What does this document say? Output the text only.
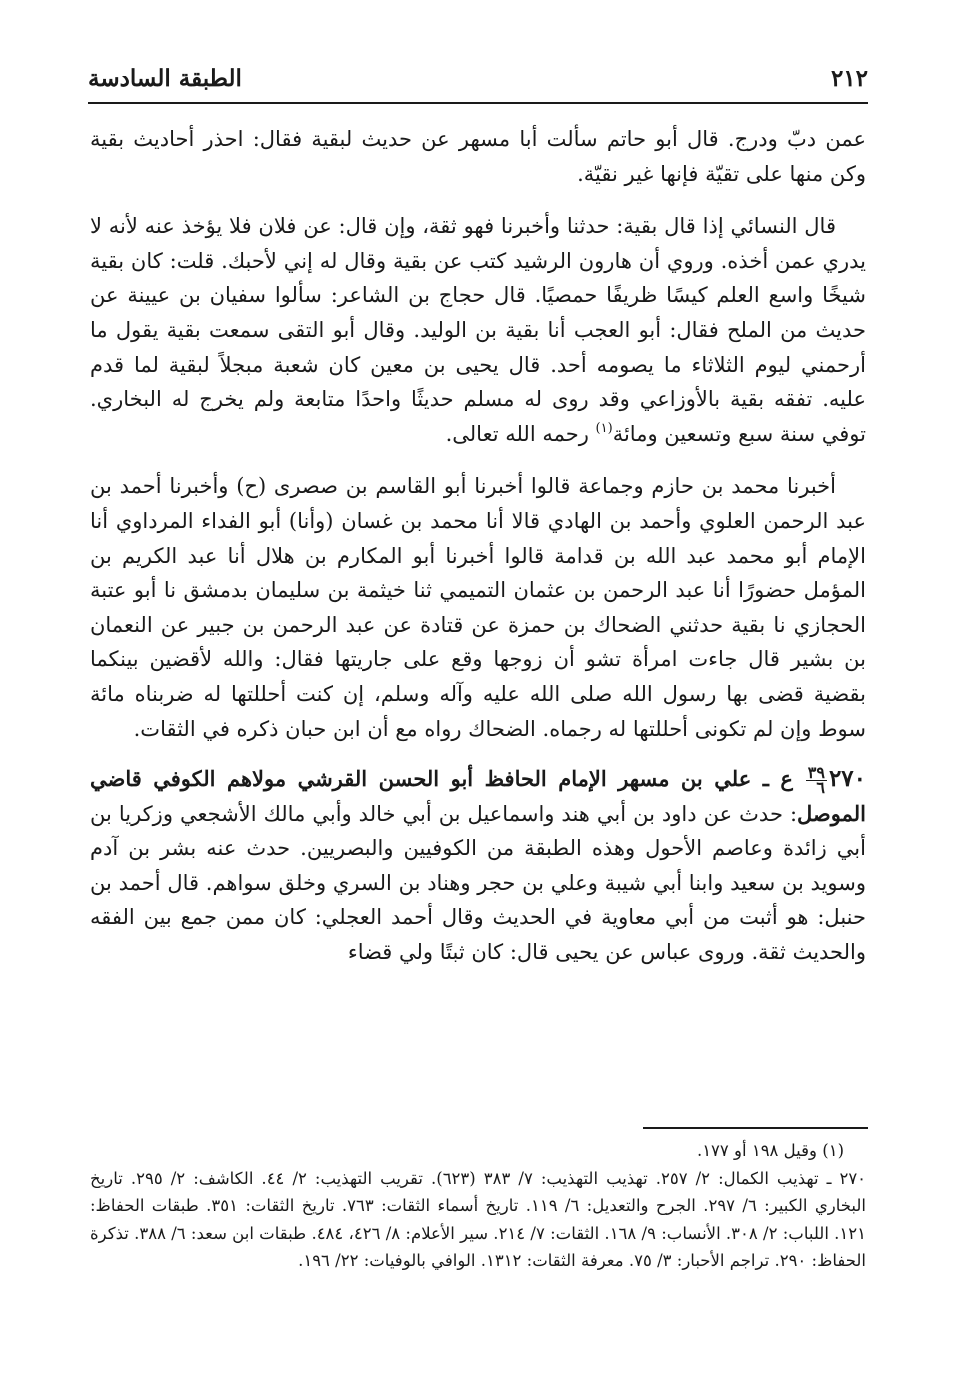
٢١٢
الطبقة السادسة

عمن دبّ ودرج. قال أبو حاتم سألت أبا مسهر عن حديث لبقية فقال: احذر أحاديث بقية وكن منها على تقيّة فإنها غير نقيّة.

قال النسائي إذا قال بقية: حدثنا وأخبرنا فهو ثقة، وإن قال: عن فلان فلا يؤخذ عنه لأنه لا يدري عمن أخذه. وروي أن هارون الرشيد كتب عن بقية وقال له إني لأحبك. قلت: كان بقية شيخًا واسع العلم كيسًا ظريفًا حمصيًا. قال حجاج بن الشاعر: سألوا سفيان بن عيينة عن حديث من الملح فقال: أبو العجب أنا بقية بن الوليد. وقال أبو التقى سمعت بقية يقول ما أرحمني ليوم الثلاثاء ما يصومه أحد. قال يحيى بن معين كان شعبة مبجلاً لبقية لما قدم عليه. تفقه بقية بالأوزاعي وقد روى له مسلم حديثًا واحدًا متابعة ولم يخرج له البخاري. توفي سنة سبع وتسعين ومائة$^{(١)}$ رحمه الله تعالى.

أخبرنا محمد بن حازم وجماعة قالوا أخبرنا أبو القاسم بن صصرى (ح) وأخبرنا أحمد بن عبد الرحمن العلوي وأحمد بن الهادي قالا أنا محمد بن غسان (وأنا) أبو الفداء المرداوي أنا الإمام أبو محمد عبد الله بن قدامة قالوا أخبرنا أبو المكارم بن هلال أنا عبد الكريم بن المؤمل حضورًا أنا عبد الرحمن بن عثمان التميمي ثنا خيثمة بن سليمان بدمشق نا أبو عتبة الحجازي نا بقية حدثني الضحاك بن حمزة عن قتادة عن عبد الرحمن بن جبير عن النعمان بن بشير قال جاءت امرأة تشو أن زوجها وقع على جاريتها فقال: والله لأقضين بينكما بقضية قضى بها رسول الله صلى الله عليه وآله وسلم، إن كنت أحللتها له ضربناه مائة سوط وإن لم تكونى أحللتها له رجماه. الضحاك رواه مع أن ابن حبان ذكره في الثقات.

٢٧٠
$\frac{٣٩}{٦}$
ع ـ علي بن مسهر الإمام الحافظ أبو الحسن القرشي مولاهم الكوفي قاضي الموصل: حدث عن داود بن أبي هند واسماعيل بن أبي خالد وأبي مالك الأشجعي وزكريا بن أبي زائدة وعاصم الأحول وهذه الطبقة من الكوفيين والبصريين. حدث عنه بشر بن آدم وسويد بن سعيد وابنا أبي شيبة وعلي بن حجر وهناد بن السري وخلق سواهم. قال أحمد بن حنبل: هو أثبت من أبي معاوية في الحديث وقال أحمد العجلي: كان ممن جمع بين الفقه والحديث ثقة. وروى عباس عن يحيى قال: كان ثبتًا ولي قضاء

(١) وقيل ١٩٨ أو ١٧٧.

٢٧٠ ـ تهذيب الكمال: ٢/ ٢٥٧. تهذيب التهذيب: ٧/ ٣٨٣ (٦٢٣). تقريب التهذيب: ٢/ ٤٤. الكاشف: ٢/ ٢٩٥. تاريخ البخاري الكبير: ٦/ ٢٩٧. الجرح والتعديل: ٦/ ١١٩. تاريخ أسماء الثقات: ٧٦٣. تاريخ الثقات: ٣٥١. طبقات الحفاظ: ١٢١. اللباب: ٢/ ٣٠٨. الأنساب: ٩/ ١٦٨. الثقات: ٧/ ٢١٤. سير الأعلام: ٨/ ٤٢٦، ٤٨٤. طبقات ابن سعد: ٦/ ٣٨٨. تذكرة الحفاظ: ٢٩٠. تراجم الأحبار: ٣/ ٧٥. معرفة الثقات: ١٣١٢. الوافي بالوفيات: ٢٢/ ١٩٦.
